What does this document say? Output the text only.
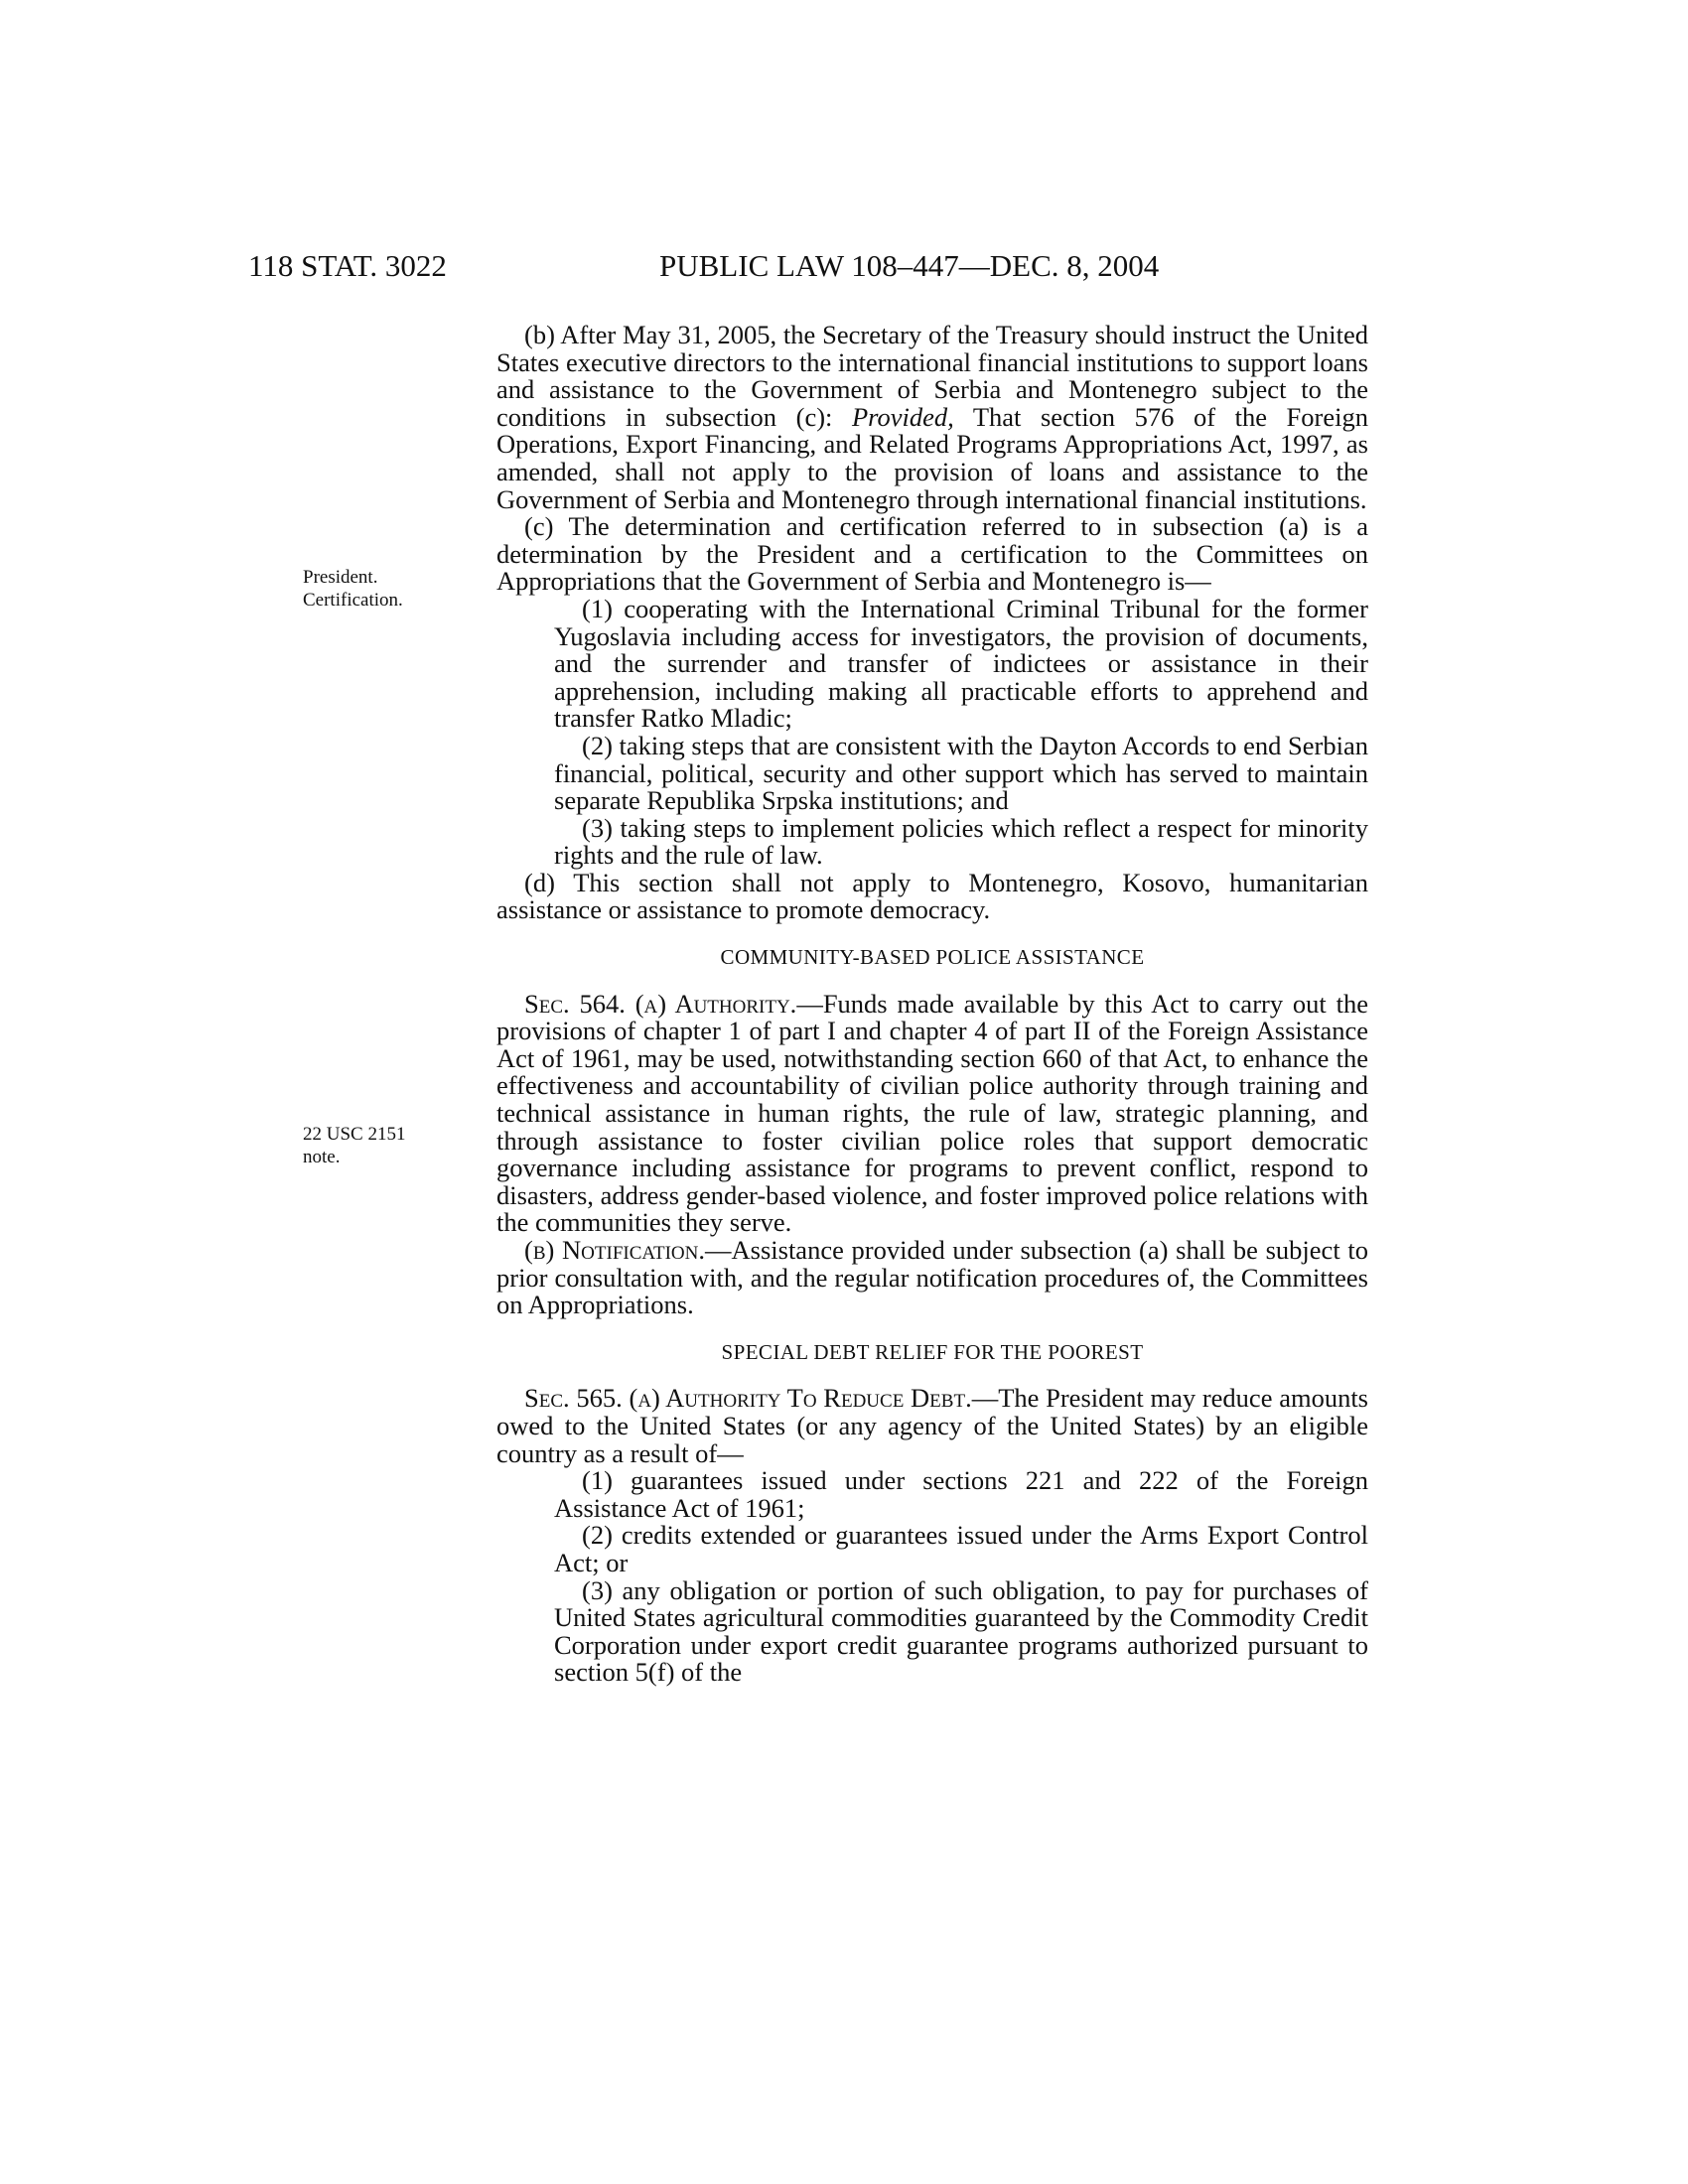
118 STAT. 3022	PUBLIC LAW 108–447—DEC. 8, 2004
President.
Certification.
22 USC 2151
note.

(b) After May 31, 2005, the Secretary of the Treasury should instruct the United States executive directors to the international financial institutions to support loans and assistance to the Government of Serbia and Montenegro subject to the conditions in subsection (c): Provided, That section 576 of the Foreign Operations, Export Financing, and Related Programs Appropriations Act, 1997, as amended, shall not apply to the provision of loans and assistance to the Government of Serbia and Montenegro through international financial institutions.

(c) The determination and certification referred to in subsection (a) is a determination by the President and a certification to the Committees on Appropriations that the Government of Serbia and Montenegro is—

(1) cooperating with the International Criminal Tribunal for the former Yugoslavia including access for investigators, the provision of documents, and the surrender and transfer of indictees or assistance in their apprehension, including making all practicable efforts to apprehend and transfer Ratko Mladic;

(2) taking steps that are consistent with the Dayton Accords to end Serbian financial, political, security and other support which has served to maintain separate Republika Srpska institutions; and

(3) taking steps to implement policies which reflect a respect for minority rights and the rule of law.

(d) This section shall not apply to Montenegro, Kosovo, humanitarian assistance or assistance to promote democracy.

COMMUNITY-BASED POLICE ASSISTANCE

Sec. 564. (a) Authority.—Funds made available by this Act to carry out the provisions of chapter 1 of part I and chapter 4 of part II of the Foreign Assistance Act of 1961, may be used, notwithstanding section 660 of that Act, to enhance the effectiveness and accountability of civilian police authority through training and technical assistance in human rights, the rule of law, strategic planning, and through assistance to foster civilian police roles that support democratic governance including assistance for programs to prevent conflict, respond to disasters, address gender-based violence, and foster improved police relations with the communities they serve.

(b) Notification.—Assistance provided under subsection (a) shall be subject to prior consultation with, and the regular notification procedures of, the Committees on Appropriations.

SPECIAL DEBT RELIEF FOR THE POOREST

Sec. 565. (a) Authority To Reduce Debt.—The President may reduce amounts owed to the United States (or any agency of the United States) by an eligible country as a result of—

(1) guarantees issued under sections 221 and 222 of the Foreign Assistance Act of 1961;

(2) credits extended or guarantees issued under the Arms Export Control Act; or

(3) any obligation or portion of such obligation, to pay for purchases of United States agricultural commodities guaranteed by the Commodity Credit Corporation under export credit guarantee programs authorized pursuant to section 5(f) of the
